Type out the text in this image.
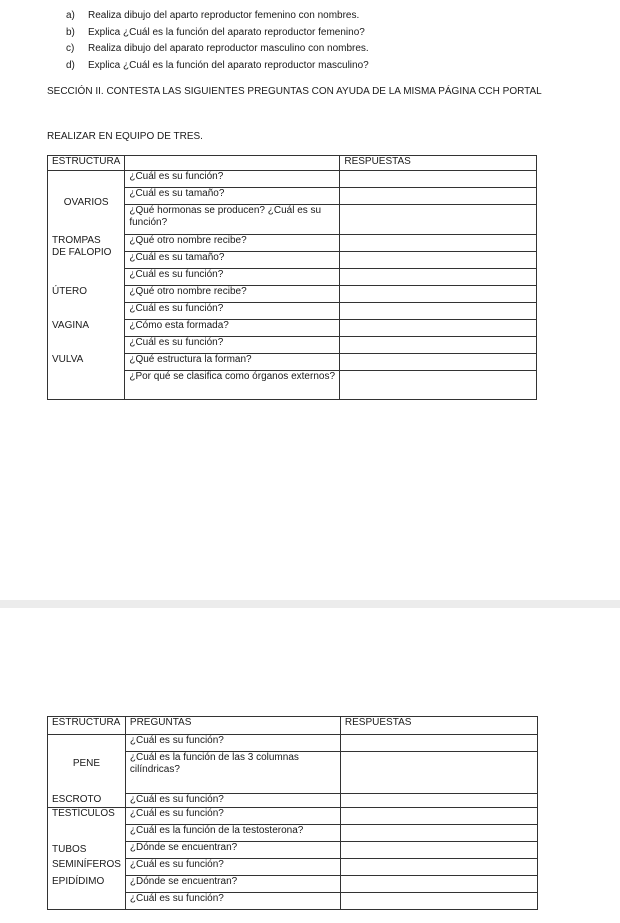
a) Realiza dibujo del aparto reproductor femenino con nombres.
b) Explica ¿Cuál es la función del aparato reproductor femenino?
c) Realiza dibujo del aparato reproductor masculino con nombres.
d) Explica ¿Cuál es la función del aparato reproductor masculino?

SECCIÓN II. CONTESTA LAS SIGUIENTES PREGUNTAS CON AYUDA DE LA MISMA PÁGINA CCH PORTAL

REALIZAR EN EQUIPO DE TRES.

ESTRUCTURA		RESPUESTAS
OVARIOS	¿Cuál es su función?	
	¿Cuál es su tamaño?	
	¿Qué hormonas se producen? ¿Cuál es su función?	

TROMPAS
DE FALOPIO	¿Qué otro nombre recibe?	
	¿Cuál es su tamaño?	
	¿Cuál es su función?	
ÚTERO	¿Qué otro nombre recibe?	
	¿Cuál es su función?	
VAGINA	¿Cómo esta formada?	
	¿Cuál es su función?	
VULVA	¿Qué estructura la forman?	
	¿Por qué se clasifica como órganos externos?	
ESTRUCTURA	PREGUNTAS	RESPUESTAS
PENE	¿Cuál es su función?	
	¿Cuál es la función de las 3 columnas cilíndricas?	
ESCROTO	¿Cuál es su función?	
TESTÍCULOS	¿Cuál es su función?	
	¿Cuál es la función de la testosterona?	

TUBOS
SEMINÍFEROS	¿Dónde se encuentran?	
	¿Cuál es su función?	
EPIDÍDIMO	¿Dónde se encuentran?	
	¿Cuál es su función?	
